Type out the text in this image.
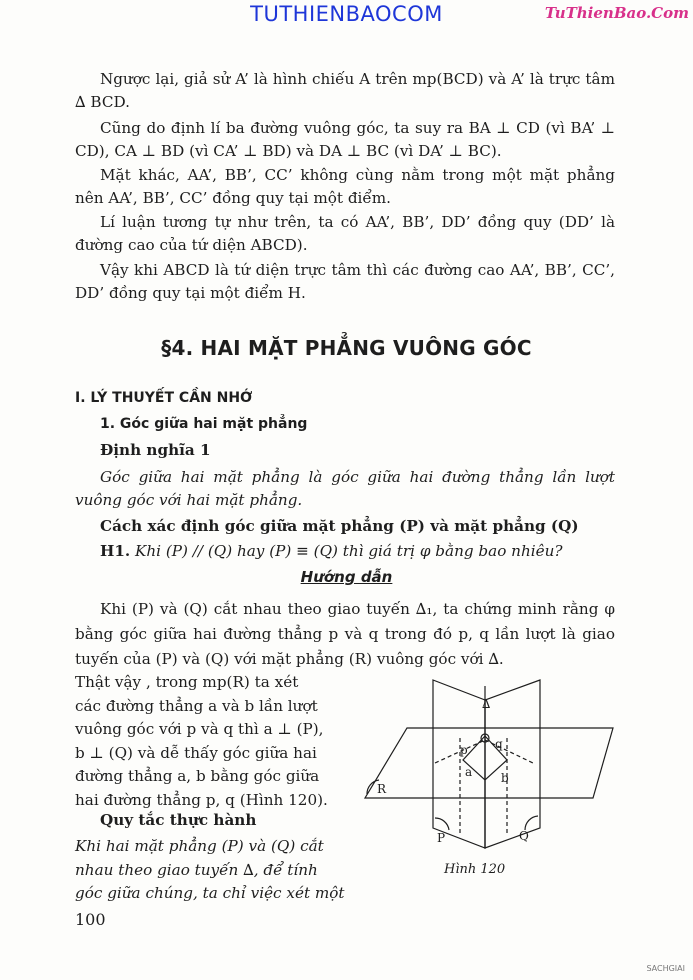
TUTHIENBAOCOM	TuThienBao.Com
Ngược lại, giả sử A’ là hình chiếu A trên mp(BCD) và A’ là trực tâm ∆ BCD.
Cũng do định lí ba đường vuông góc, ta suy ra BA ⊥ CD (vì BA’ ⊥ CD), CA ⊥ BD (vì CA’ ⊥ BD) và DA ⊥ BC (vì DA’ ⊥ BC).
Mặt khác, AA’, BB’, CC’ không cùng nằm trong một mặt phẳng nên AA’, BB’, CC’ đồng quy tại một điểm.
Lí luận tương tự như trên, ta có AA’, BB’, DD’ đồng quy (DD’ là đường cao của tứ diện ABCD).
Vậy khi ABCD là tứ diện trực tâm thì các đường cao AA’, BB’, CC’, DD’ đồng quy tại một điểm H.
§4. HAI MẶT PHẲNG VUÔNG GÓC
I. LÝ THUYẾT CẦN NHỚ
1. Góc giữa hai mặt phẳng
Định nghĩa 1
Góc giữa hai mặt phẳng là góc giữa hai đường thẳng lần lượt vuông góc với hai mặt phẳng.
Cách xác định góc giữa mặt phẳng (P) và mặt phẳng (Q)
H1. Khi (P) // (Q) hay (P) ≡ (Q) thì giá trị φ bằng bao nhiêu?
Hướng dẫn
Khi (P) và (Q) cắt nhau theo giao tuyến ∆₁, ta chứng minh rằng φ bằng góc giữa hai đường thẳng p và q trong đó p, q lần lượt là giao tuyến của (P) và (Q) với mặt phẳng (R) vuông góc với ∆.
Thật vậy , trong mp(R) ta xét
các đường thẳng a và b lần lượt
vuông góc với p và q thì a ⊥ (P),
b ⊥ (Q) và dễ thấy góc giữa hai
đường thẳng a, b bằng góc giữa
hai đường thẳng p, q (Hình 120).
Quy tắc thực hành
Khi hai mặt phẳng (P) và (Q) cắt
nhau theo giao tuyến ∆, để tính
góc giữa chúng, ta chỉ việc xét một
∆
p q
a b
R
P	Q
Hình 120
100
SACHGIAI
